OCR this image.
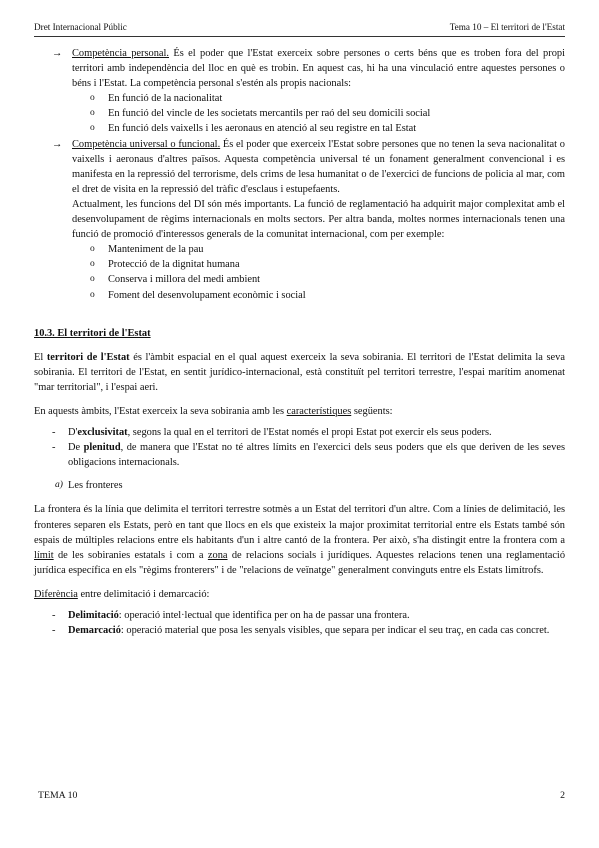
Dret Internacional Públic	Tema 10 – El territori de l'Estat
→ Competència personal. És el poder que l'Estat exerceix sobre persones o certs béns que es troben fora del propi territori amb independència del lloc en què es trobin. En aquest cas, hi ha una vinculació entre aquestes persones o béns i l'Estat. La competència personal s'estén als propis nacionals:
o En funció de la nacionalitat
o En funció del vincle de les societats mercantils per raó del seu domicili social
o En funció dels vaixells i les aeronaus en atenció al seu registre en tal Estat
→ Competència universal o funcional. És el poder que exerceix l'Estat sobre persones que no tenen la seva nacionalitat o vaixells i aeronaus d'altres països. Aquesta competència universal té un fonament generalment convencional i es manifesta en la repressió del terrorisme, dels crims de lesa humanitat o de l'exercici de funcions de policia al mar, com el dret de visita en la repressió del tràfic d'esclaus i estupefaents.
Actualment, les funcions del DI són més importants. La funció de reglamentació ha adquirit major complexitat amb el desenvolupament de règims internacionals en molts sectors. Per altra banda, moltes normes internacionals tenen una funció de promoció d'interessos generals de la comunitat internacional, com per exemple:
o Manteniment de la pau
o Protecció de la dignitat humana
o Conserva i millora del medi ambient
o Foment del desenvolupament econòmic i social
10.3. El territori de l'Estat

El territori de l'Estat és l'àmbit espacial en el qual aquest exerceix la seva sobirania. El territori de l'Estat delimita la seva sobirania. El territori de l'Estat, en sentit jurídico-internacional, està constituït pel territori terrestre, l'espai marítim anomenat "mar territorial", i l'espai aeri.

En aquests àmbits, l'Estat exerceix la seva sobirania amb les característiques següents:

- D'exclusivitat, segons la qual en el territori de l'Estat només el propi Estat pot exercir els seus poders.
- De plenitud, de manera que l'Estat no té altres límits en l'exercici dels seus poders que els que deriven de les seves obligacions internacionals.
a) Les fronteres

La frontera és la línia que delimita el territori terrestre sotmès a un Estat del territori d'un altre. Com a línies de delimitació, les fronteres separen els Estats, però en tant que llocs en els que existeix la major proximitat territorial entre els Estats també són espais de múltiples relacions entre els habitants d'un i altre cantó de la frontera. Per això, s'ha distingit entre la frontera com a límit de les sobiranies estatals i com a zona de relacions socials i jurídiques. Aquestes relacions tenen una reglamentació jurídica específica en els "règims fronterers" i de "relacions de veïnatge" generalment convinguts entre els Estats limítrofs.

Diferència entre delimitació i demarcació:

- Delimitació: operació intel·lectual que identifica per on ha de passar una frontera.
- Demarcació: operació material que posa les senyals visibles, que separa per indicar el seu traç, en cada cas concret.
TEMA 10	2
